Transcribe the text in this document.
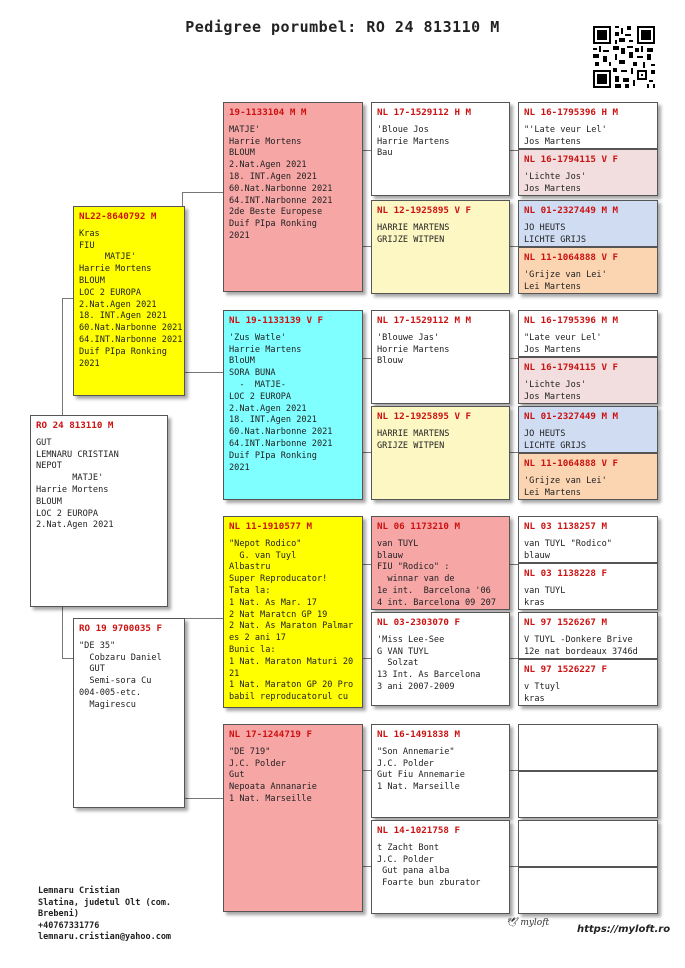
Pedigree porumbel: RO 24 813110 M
RO 24 813110 M
GUT
LEMNARU CRISTIAN
NEPOT
MATJE'
Harrie Mortens
BLOUM
LOC 2 EUROPA
2.Nat.Agen 2021
NL22-8640792 M
Kras
FIU
MATJE'
Harrie Mortens
BLOUM
LOC 2 EUROPA
2.Nat.Agen 2021
18. INT.Agen 2021
60.Nat.Narbonne 2021
64.INT.Narbonne 2021
Duif PIpa Ronking
2021
RO 19 9700035 F
"DE 35"
Cobzaru Daniel
GUT
Semi-sora Cu
004-005-etc.
Magirescu
19-1133104 M M
MATJE'
Harrie Mortens
BLOUM
2.Nat.Agen 2021
18. INT.Agen 2021
60.Nat.Narbonne 2021
64.INT.Narbonne 2021
2de Beste Europese
Duif PIpa Ronking
2021
NL 19-1133139 V F
'Zus Watle'
Harrie Martens
BloUM
SORA BUNA
-  MATJE-
LOC 2 EUROPA
2.Nat.Agen 2021
18. INT.Agen 2021
60.Nat.Narbonne 2021
64.INT.Narbonne 2021
Duif PIpa Ronking
2021
NL 11-1910577 M
"Nepot Rodico"
G. van Tuyl
Albastru
Super Reproducator!
Tata la:
1 Nat. As Mar. 17
2 Nat Maratcn GP 19
2 Nat. As Maraton Palmar
es 2 ani 17
Bunic la:
1 Nat. Maraton Maturi 20
21
1 Nat. Maraton GP 20 Pro
babil reproducatorul cu
NL 17-1244719 F
"DE 719"
J.C. Polder
Gut
Nepoata Annanarie
1 Nat. Marseille
NL 17-1529112 H M
'Bloue Jos
Harrie Martens
Bau
NL 12-1925895 V F
HARRIE MARTENS
GRIJZE WITPEN
NL 17-1529112 M M
'Blouwe Jas'
Horrie Martens
Blouw
NL 12-1925895 V F
HARRIE MARTENS
GRIJZE WITPEN
NL 06 1173210 M
van TUYL
blauw
FIU "Rodico" :
winnar van de
1e int.  Barcelona '06
4 int. Barcelona 09 207
NL 03-2303070 F
'Miss Lee-See
G VAN TUYL
Solzat
13 Int. As Barcelona
3 ani 2007-2009
NL 16-1491838 M
"Son Annemarie"
J.C. Polder
Gut Fiu Annemarie
1 Nat. Marseille
NL 14-1021758 F
t Zacht Bont
J.C. Polder
Gut pana alba
Foarte bun zburator
NL 16-1795396 H M
"'Late veur Lel'
Jos Martens
NL 16-1794115 V F
'Lichte Jos'
Jos Martens
NL 01-2327449 M M
JO HEUTS
LICHTE GRIJS
NL 11-1064888 V F
'Grijze van Lei'
Lei Martens
NL 16-1795396 M M
"Late veur Lel'
Jos Martens
NL 16-1794115 V F
'Lichte Jos'
Jos Martens
NL 01-2327449 M M
JO HEUTS
LICHTE GRIJS
NL 11-1064888 V F
'Grijze van Lei'
Lei Martens
NL 03 1138257 M
van TUYL "Rodico"
blauw
NL 03 1138228 F
van TUYL
kras
NL 97 1526267 M
V TUYL -Donkere Brive
12e nat bordeaux 3746d
NL 97 1526227 F
v Ttuyl
kras
Lemnaru Cristian
Slatina, judetul Olt (com.
Brebeni)
+40767331776
lemnaru.cristian@yahoo.com
🕊 myloft
https://myloft.ro
